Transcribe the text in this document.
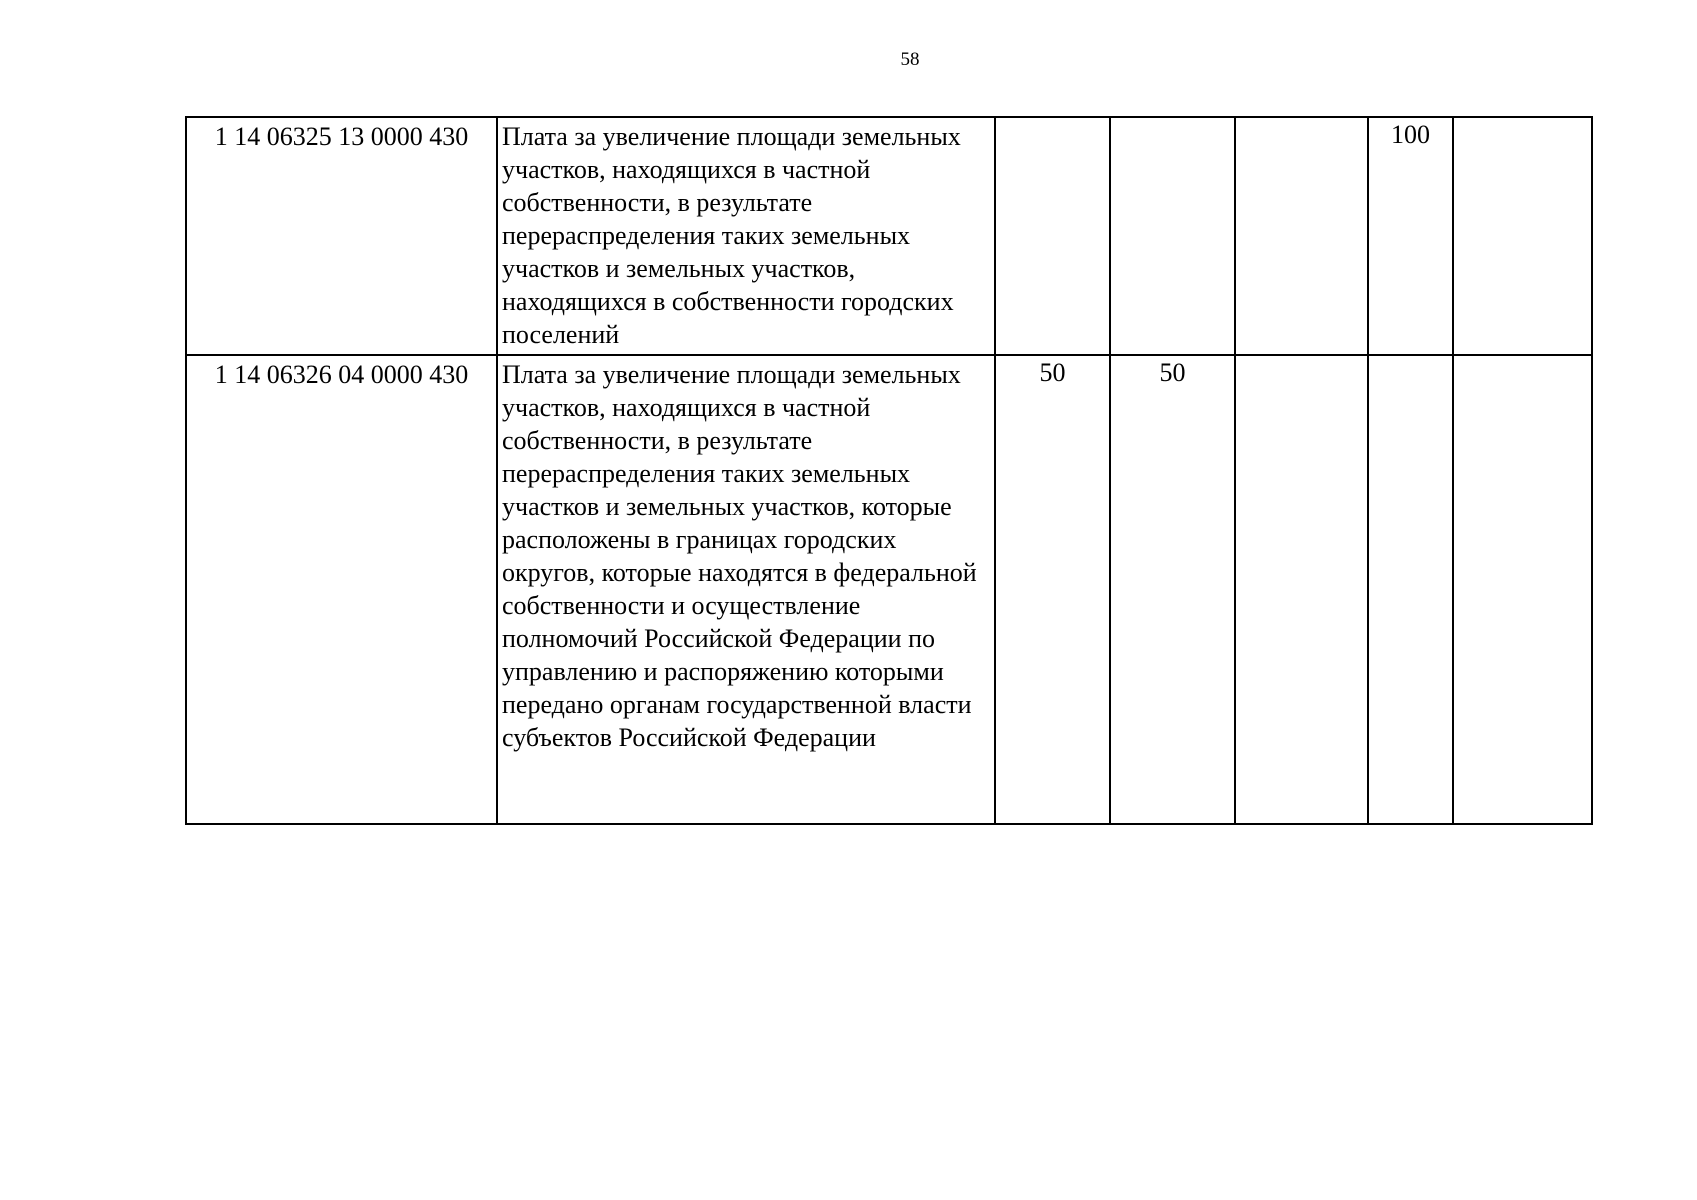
58
1 14 06325 13 0000 430	Плата за увеличение площади земельных участков, находящихся в частной собственности, в результате перераспределения таких земельных участков и земельных участков, находящихся в собственности городских поселений				100	
1 14 06326 04 0000 430	Плата за увеличение площади земельных участков, находящихся в частной собственности, в результате перераспределения таких земельных участков и земельных участков, которые расположены в границах городских округов, которые находятся в федеральной собственности и осуществление полномочий Российской Федерации по управлению и распоряжению которыми передано органам государственной власти субъектов Российской Федерации	50	50			
